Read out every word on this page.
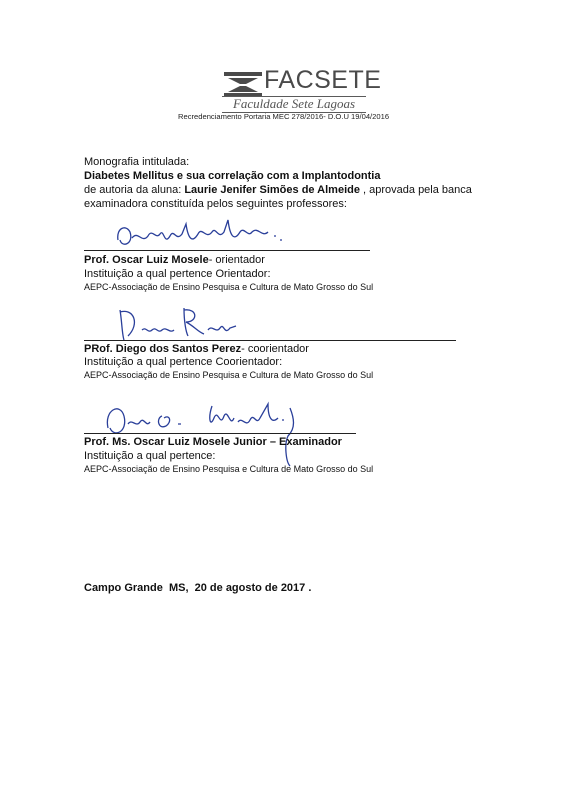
FACSETE
Faculdade Sete Lagoas
Recredenciamento Portaria MEC 278/2016- D.O.U 19/04/2016
Monografia intitulada:
Diabetes Mellitus e sua correlação com a Implantodontia
de autoria da aluna: Laurie Jenifer Simões de Almeide , aprovada pela banca
examinadora constituída pelos seguintes professores:
Prof. Oscar Luiz Mosele- orientador
Instituição a qual pertence Orientador:
AEPC-Associação de Ensino Pesquisa e Cultura de Mato Grosso do Sul
PRof. Diego dos Santos Perez- coorientador
Instituição a qual pertence Coorientador:
AEPC-Associação de Ensino Pesquisa e Cultura de Mato Grosso do Sul
Prof. Ms. Oscar Luiz Mosele Junior – Examinador
Instituição a qual pertence:
AEPC-Associação de Ensino Pesquisa e Cultura de Mato Grosso do Sul
Campo Grande  MS,  20 de agosto de 2017 .
